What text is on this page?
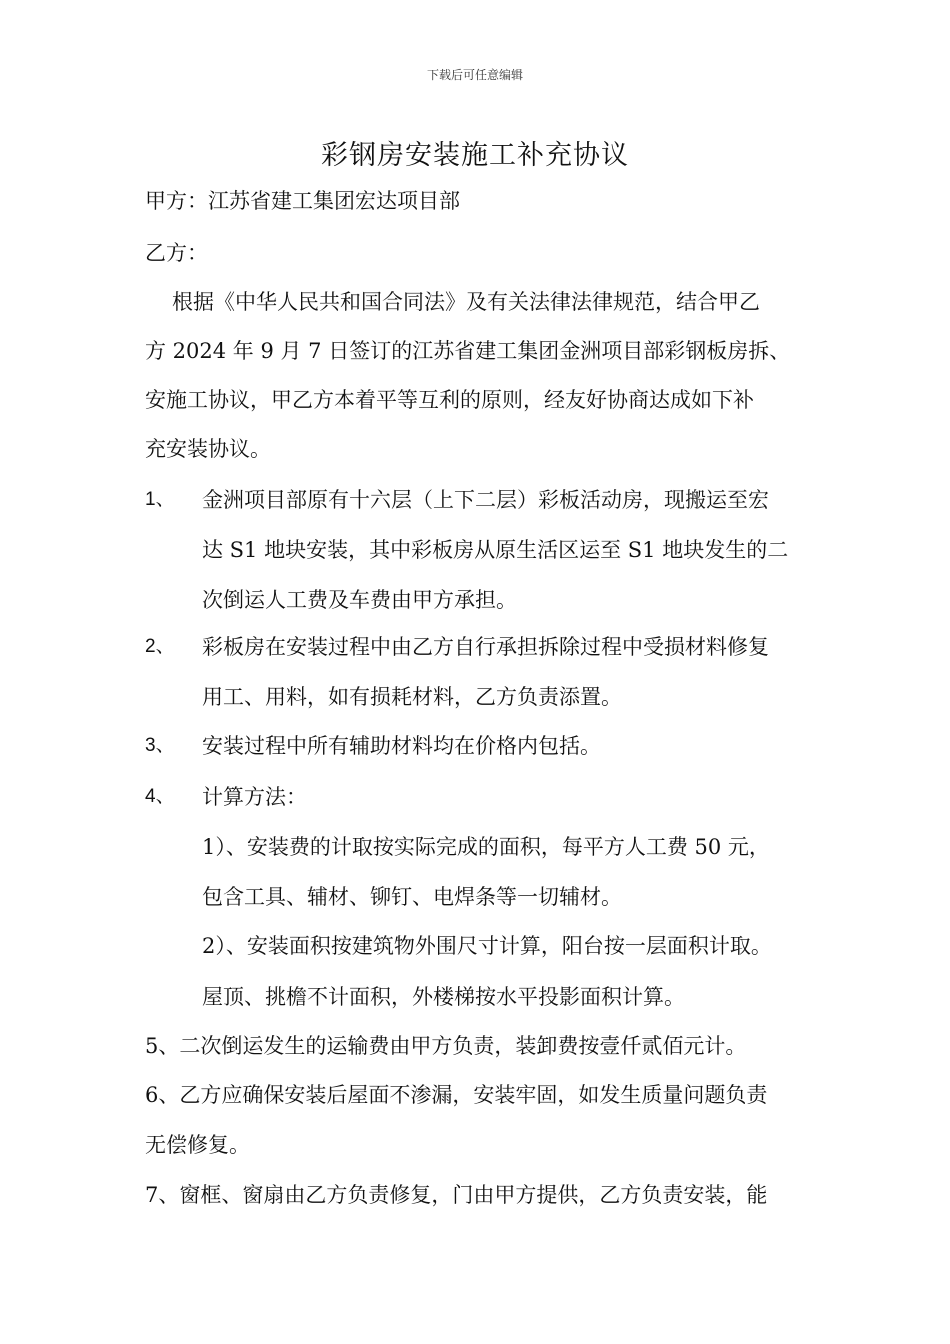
下载后可任意编辑
彩钢房安装施工补充协议
甲方：江苏省建工集团宏达项目部
乙方：
根据《中华人民共和国合同法》及有关法律法律规范，结合甲乙
方 2024 年 9 月 7 日签订的江苏省建工集团金洲项目部彩钢板房拆、
安施工协议，甲乙方本着平等互利的原则，经友好协商达成如下补
充安装协议。
1、 金洲项目部原有十六层（上下二层）彩板活动房，现搬运至宏
达 S1 地块安装，其中彩板房从原生活区运至 S1 地块发生的二
次倒运人工费及车费由甲方承担。
2、 彩板房在安装过程中由乙方自行承担拆除过程中受损材料修复
用工、用料，如有损耗材料，乙方负责添置。
3、 安装过程中所有辅助材料均在价格内包括。
4、 计算方法：
1）、安装费的计取按实际完成的面积，每平方人工费 50 元，
包含工具、辅材、铆钉、电焊条等一切辅材。
2）、安装面积按建筑物外围尺寸计算，阳台按一层面积计取。
屋顶、挑檐不计面积，外楼梯按水平投影面积计算。
5、二次倒运发生的运输费由甲方负责，装卸费按壹仟贰佰元计。
6、乙方应确保安装后屋面不渗漏，安装牢固，如发生质量问题负责
无偿修复。
7、窗框、窗扇由乙方负责修复，门由甲方提供，乙方负责安装，能
